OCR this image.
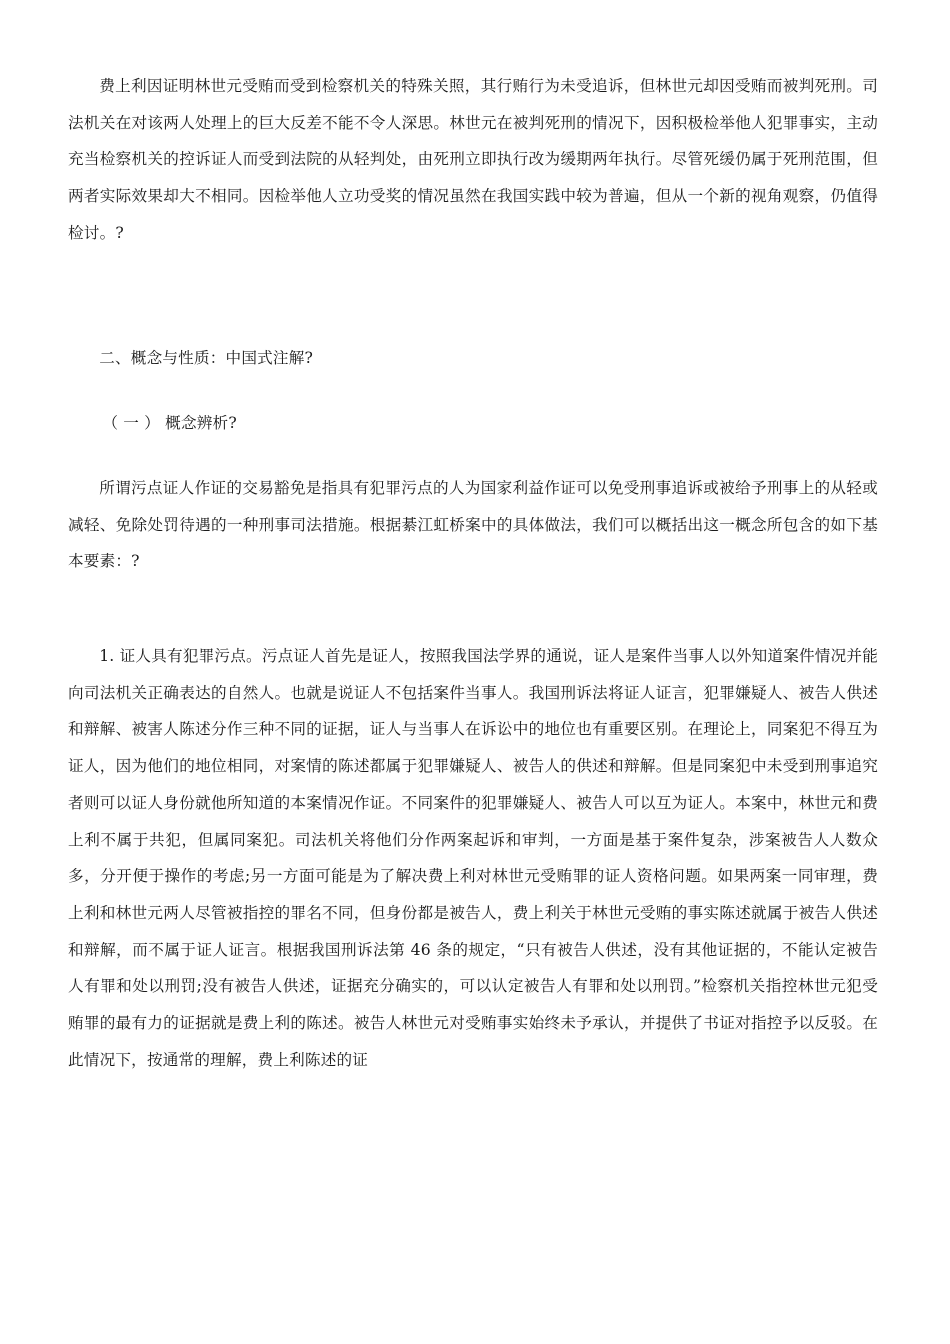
费上利因证明林世元受贿而受到检察机关的特殊关照，其行贿行为未受追诉，但林世元却因受贿而被判死刑。司法机关在对该两人处理上的巨大反差不能不令人深思。林世元在被判死刑的情况下，因积极检举他人犯罪事实，主动充当检察机关的控诉证人而受到法院的从轻判处，由死刑立即执行改为缓期两年执行。尽管死缓仍属于死刑范围，但两者实际效果却大不相同。因检举他人立功受奖的情况虽然在我国实践中较为普遍，但从一个新的视角观察，仍值得检讨。?

二、概念与性质：中国式注解?

（ 一 ） 概念辨析?

所谓污点证人作证的交易豁免是指具有犯罪污点的人为国家利益作证可以免受刑事追诉或被给予刑事上的从轻或减轻、免除处罚待遇的一种刑事司法措施。根据綦江虹桥案中的具体做法，我们可以概括出这一概念所包含的如下基本要素：?

1. 证人具有犯罪污点。污点证人首先是证人，按照我国法学界的通说，证人是案件当事人以外知道案件情况并能向司法机关正确表达的自然人。也就是说证人不包括案件当事人。我国刑诉法将证人证言，犯罪嫌疑人、被告人供述和辩解、被害人陈述分作三种不同的证据，证人与当事人在诉讼中的地位也有重要区别。在理论上，同案犯不得互为证人，因为他们的地位相同，对案情的陈述都属于犯罪嫌疑人、被告人的供述和辩解。但是同案犯中未受到刑事追究者则可以证人身份就他所知道的本案情况作证。不同案件的犯罪嫌疑人、被告人可以互为证人。本案中，林世元和费上利不属于共犯，但属同案犯。司法机关将他们分作两案起诉和审判，一方面是基于案件复杂，涉案被告人人数众多，分开便于操作的考虑;另一方面可能是为了解决费上利对林世元受贿罪的证人资格问题。如果两案一同审理，费上利和林世元两人尽管被指控的罪名不同，但身份都是被告人，费上利关于林世元受贿的事实陈述就属于被告人供述和辩解，而不属于证人证言。根据我国刑诉法第 46 条的规定，“只有被告人供述，没有其他证据的，不能认定被告人有罪和处以刑罚;没有被告人供述，证据充分确实的，可以认定被告人有罪和处以刑罚。”检察机关指控林世元犯受贿罪的最有力的证据就是费上利的陈述。被告人林世元对受贿事实始终未予承认，并提供了书证对指控予以反驳。在此情况下，按通常的理解，费上利陈述的证
